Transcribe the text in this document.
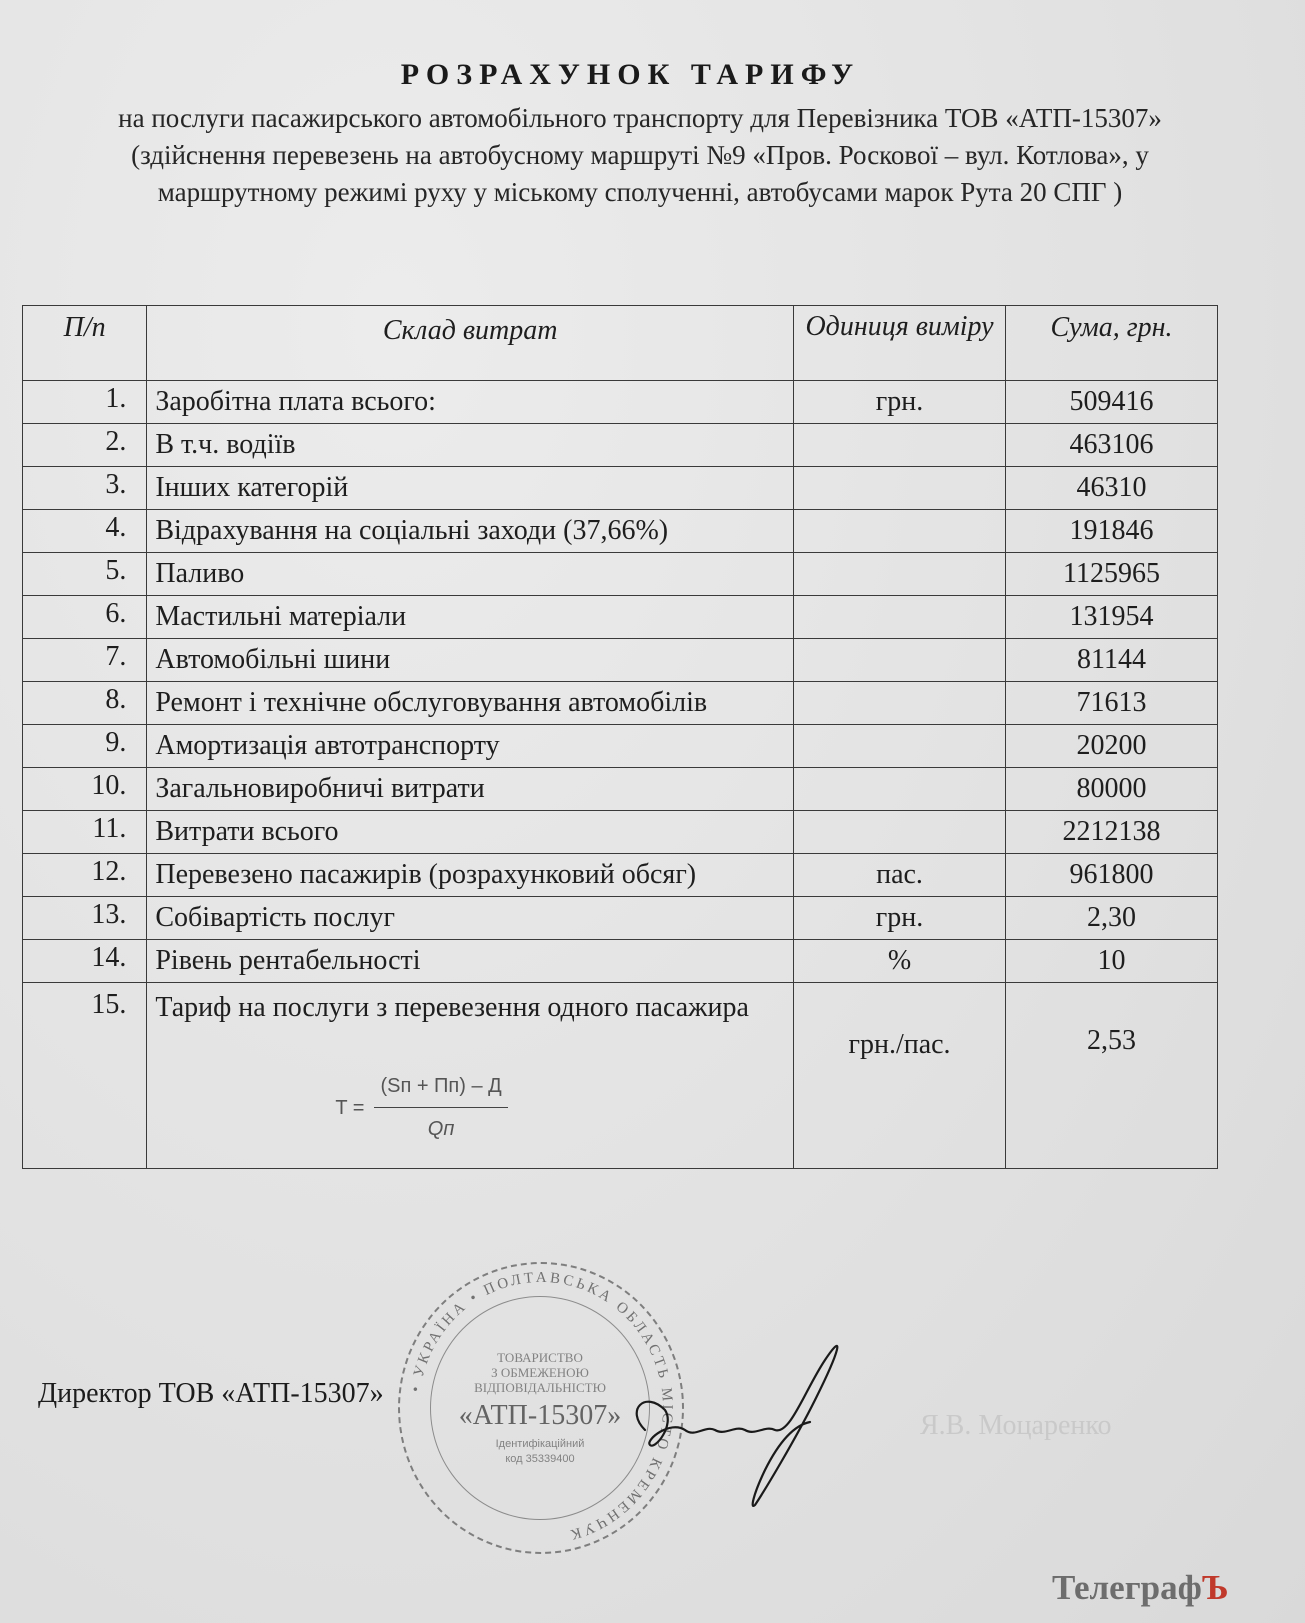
РОЗРАХУНОК ТАРИФУ
на послуги пасажирського автомобільного транспорту для Перевізника ТОВ «АТП-15307» (здійснення перевезень на автобусному маршруті №9 «Пров. Роскової – вул. Котлова», у маршрутному режимі руху у міському сполученні, автобусами марок Рута 20 СПГ )
П/п	Склад витрат	Одиниця виміру	Сума, грн.
1.	Заробітна плата всього:	грн.	509416
2.	В т.ч. водіїв		463106
3.	Інших категорій		46310
4.	Відрахування на соціальні заходи (37,66%)		191846
5.	Паливо		1125965
6.	Мастильні матеріали		131954
7.	Автомобільні шини		81144
8.	Ремонт і технічне обслуговування автомобілів		71613
9.	Амортизація автотранспорту		20200
10.	Загальновиробничі витрати		80000
11.	Витрати всього		2212138
12.	Перевезено пасажирів (розрахунковий обсяг)	пас.	961800
13.	Собівартість послуг	грн.	2,30
14.	Рівень рентабельності	%	10
15.	Тариф на послуги з перевезення одного пасажира
$T = \frac{(Sп + Пп) - Д}{Qп}$	грн./пас.	2,53
• УКРАЇНА • ПОЛТАВСЬКА ОБЛАСТЬ МІСТО КРЕМЕНЧУК
ТОВАРИСТВО
З ОБМЕЖЕНОЮ
ВІДПОВІДАЛЬНІСТЮ
«АТП-15307»
Ідентифікаційний
код 35339400
Директор ТОВ «АТП-15307»
Я.В. Моцаренко
ТелеграфЪ
